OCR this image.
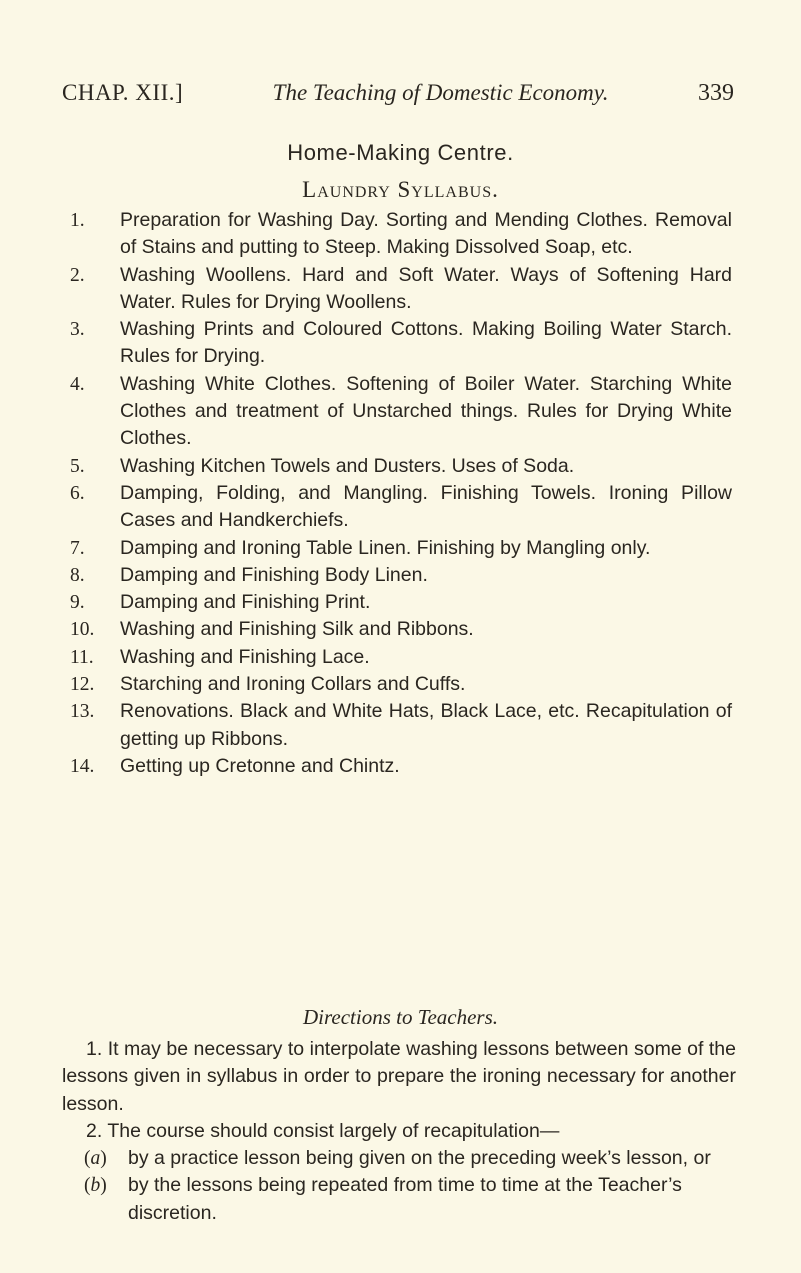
CHAP. XII.]	The Teaching of Domestic Economy.	339
Home-Making Centre.
Laundry Syllabus.
1.	Preparation for Washing Day. Sorting and Mending Clothes. Removal of Stains and putting to Steep. Making Dissolved Soap, etc.
2.	Washing Woollens. Hard and Soft Water. Ways of Softening Hard Water. Rules for Drying Woollens.
3.	Washing Prints and Coloured Cottons. Making Boiling Water Starch. Rules for Drying.
4.	Washing White Clothes. Softening of Boiler Water. Starching White Clothes and treatment of Unstarched things. Rules for Drying White Clothes.
5.	Washing Kitchen Towels and Dusters. Uses of Soda.
6.	Damping, Folding, and Mangling. Finishing Towels. Ironing Pillow Cases and Handkerchiefs.
7.	Damping and Ironing Table Linen. Finishing by Mangling only.
8.	Damping and Finishing Body Linen.
9.	Damping and Finishing Print.
10.	Washing and Finishing Silk and Ribbons.
11.	Washing and Finishing Lace.
12.	Starching and Ironing Collars and Cuffs.
13.	Renovations. Black and White Hats, Black Lace, etc. Recapitulation of getting up Ribbons.
14.	Getting up Cretonne and Chintz.
Directions to Teachers.

1. It may be necessary to interpolate washing lessons between some of the lessons given in syllabus in order to prepare the ironing necessary for another lesson.

2. The course should consist largely of recapitulation—

(a) by a practice lesson being given on the preceding week’s lesson, or
(b) by the lessons being repeated from time to time at the Teacher’s discretion.
